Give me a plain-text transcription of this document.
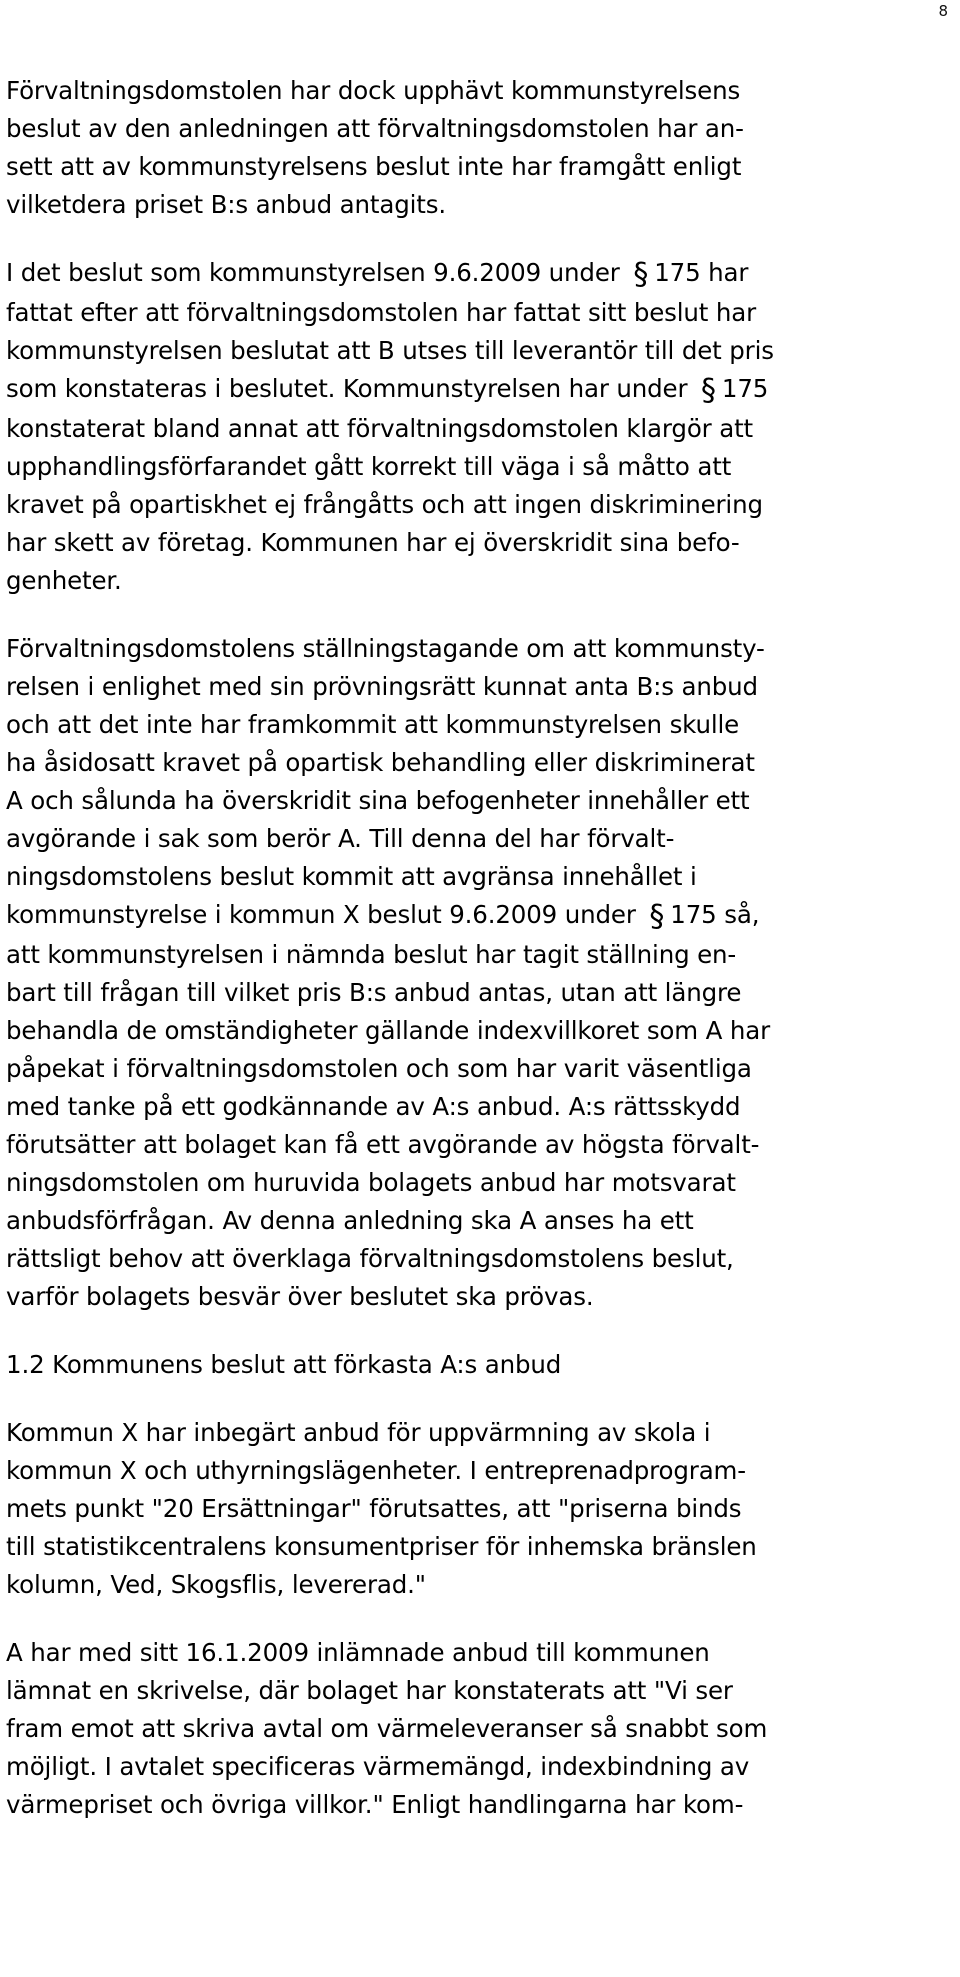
8
Förvaltningsdomstolen har dock upphävt kommunstyrelsens
beslut av den anledningen att förvaltningsdomstolen har an-
sett att av kommunstyrelsens beslut inte har framgått enligt
vilketdera priset B:s anbud antagits.
I det beslut som kommunstyrelsen 9.6.2009 under § 175 har
fattat efter att förvaltningsdomstolen har fattat sitt beslut har
kommunstyrelsen beslutat att B utses till leverantör till det pris
som konstateras i beslutet. Kommunstyrelsen har under § 175
konstaterat bland annat att förvaltningsdomstolen klargör att
upphandlingsförfarandet gått korrekt till väga i så måtto att
kravet på opartiskhet ej frångåtts och att ingen diskriminering
har skett av företag. Kommunen har ej överskridit sina befo-
genheter.
Förvaltningsdomstolens ställningstagande om att kommunsty-
relsen i enlighet med sin prövningsrätt kunnat anta B:s anbud
och att det inte har framkommit att kommunstyrelsen skulle
ha åsidosatt kravet på opartisk behandling eller diskriminerat
A och sålunda ha överskridit sina befogenheter innehåller ett
avgörande i sak som berör A. Till denna del har förvalt-
ningsdomstolens beslut kommit att avgränsa innehållet i
kommunstyrelse i kommun X beslut 9.6.2009 under § 175 så,
att kommunstyrelsen i nämnda beslut har tagit ställning en-
bart till frågan till vilket pris B:s anbud antas, utan att längre
behandla de omständigheter gällande indexvillkoret som A har
påpekat i förvaltningsdomstolen och som har varit väsentliga
med tanke på ett godkännande av A:s anbud. A:s rättsskydd
förutsätter att bolaget kan få ett avgörande av högsta förvalt-
ningsdomstolen om huruvida bolagets anbud har motsvarat
anbudsförfrågan. Av denna anledning ska A anses ha ett
rättsligt behov att överklaga förvaltningsdomstolens beslut,
varför bolagets besvär över beslutet ska prövas.
1.2 Kommunens beslut att förkasta A:s anbud
Kommun X har inbegärt anbud för uppvärmning av skola i
kommun X och uthyrningslägenheter. I entreprenadprogram-
mets punkt "20 Ersättningar" förutsattes, att "priserna binds
till statistikcentralens konsumentpriser för inhemska bränslen
kolumn, Ved, Skogsflis, levererad."
A har med sitt 16.1.2009 inlämnade anbud till kommunen
lämnat en skrivelse, där bolaget har konstaterats att "Vi ser
fram emot att skriva avtal om värmeleveranser så snabbt som
möjligt. I avtalet specificeras värmemängd, indexbindning av
värmepriset och övriga villkor." Enligt handlingarna har kom-
